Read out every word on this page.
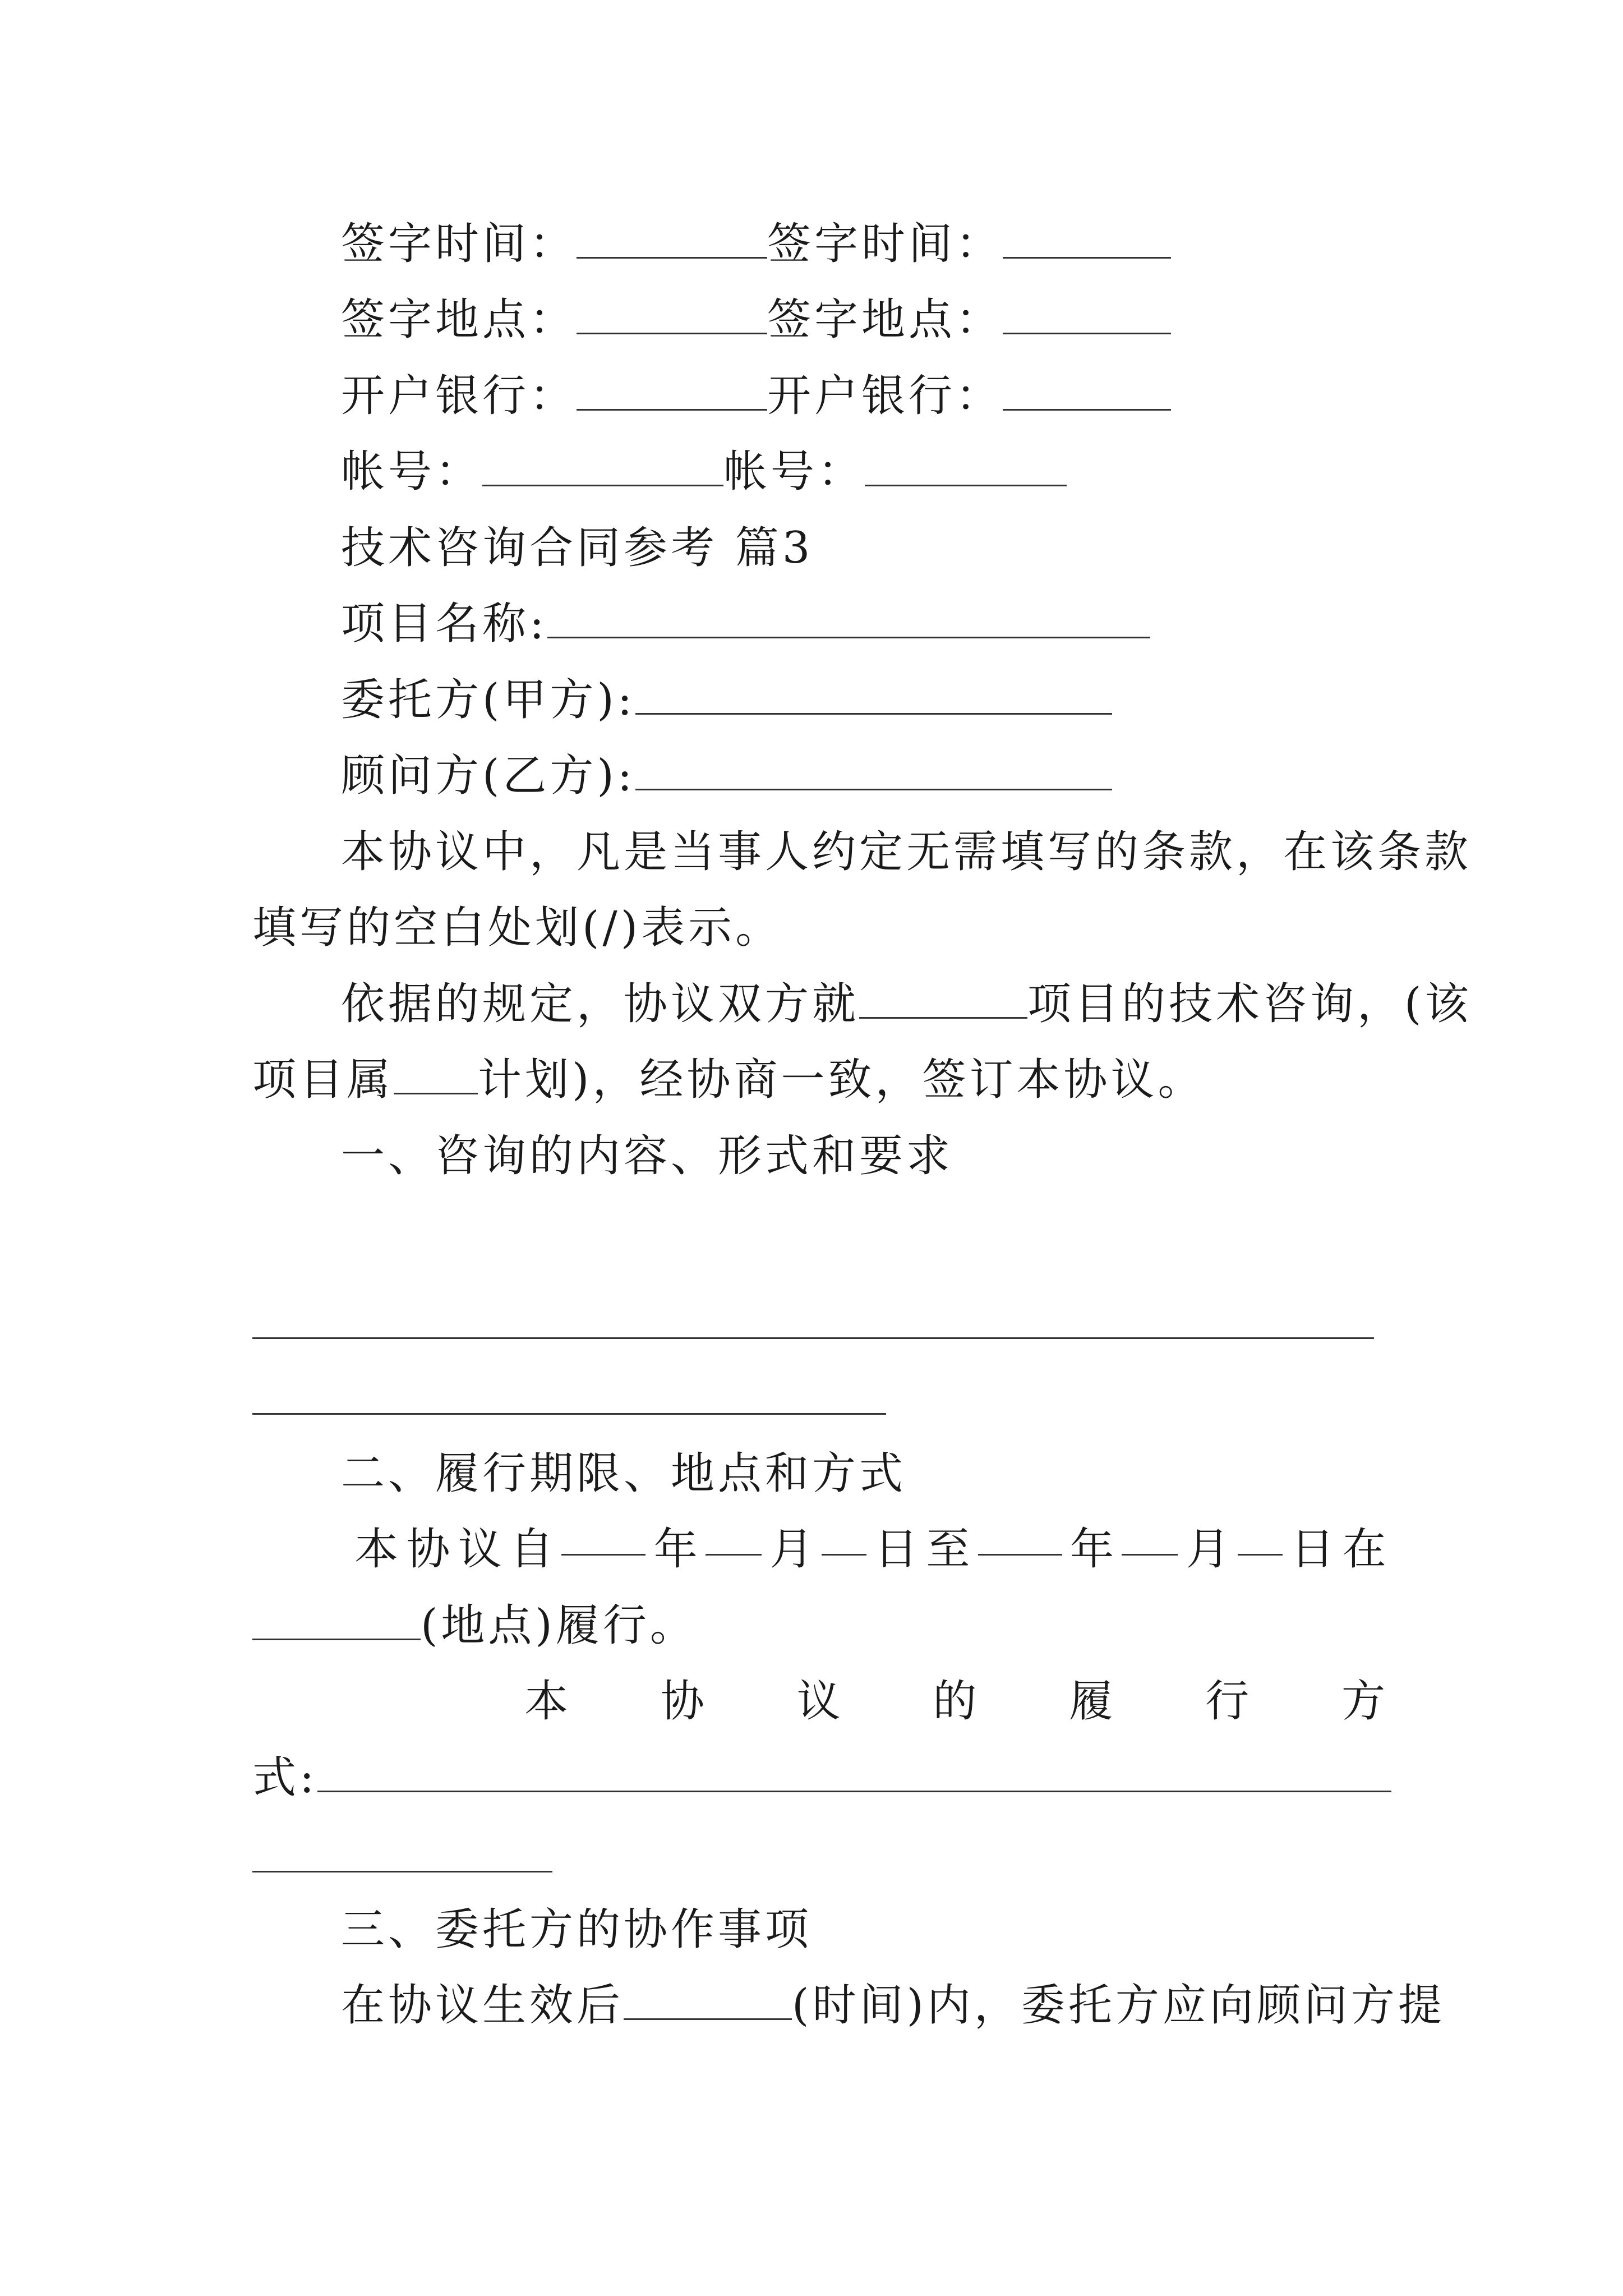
签字时间：	签字时间：
签字地点：	签字地点：
开户银行：	开户银行：
帐号：	帐号：
技术咨询合同参考 篇3
项目名称:
委托方(甲方):
顾问方(乙方):
本协议中，凡是当事人约定无需填写的条款，在该条款
填写的空白处划(/)表示。
依据的规定，协议双方就	项目的技术咨询，(该
项目属 计划)，经协商一致，签订本协议。
一、咨询的内容、形式和要求
二、履行期限、地点和方式
本 协 议 自 年 月 日 至 年 月 日 在
(地点)履行。
本 协 议 的 履 行 方
式:
三、委托方的协作事项
在协议生效后	(时间)内，委托方应向顾问方提
